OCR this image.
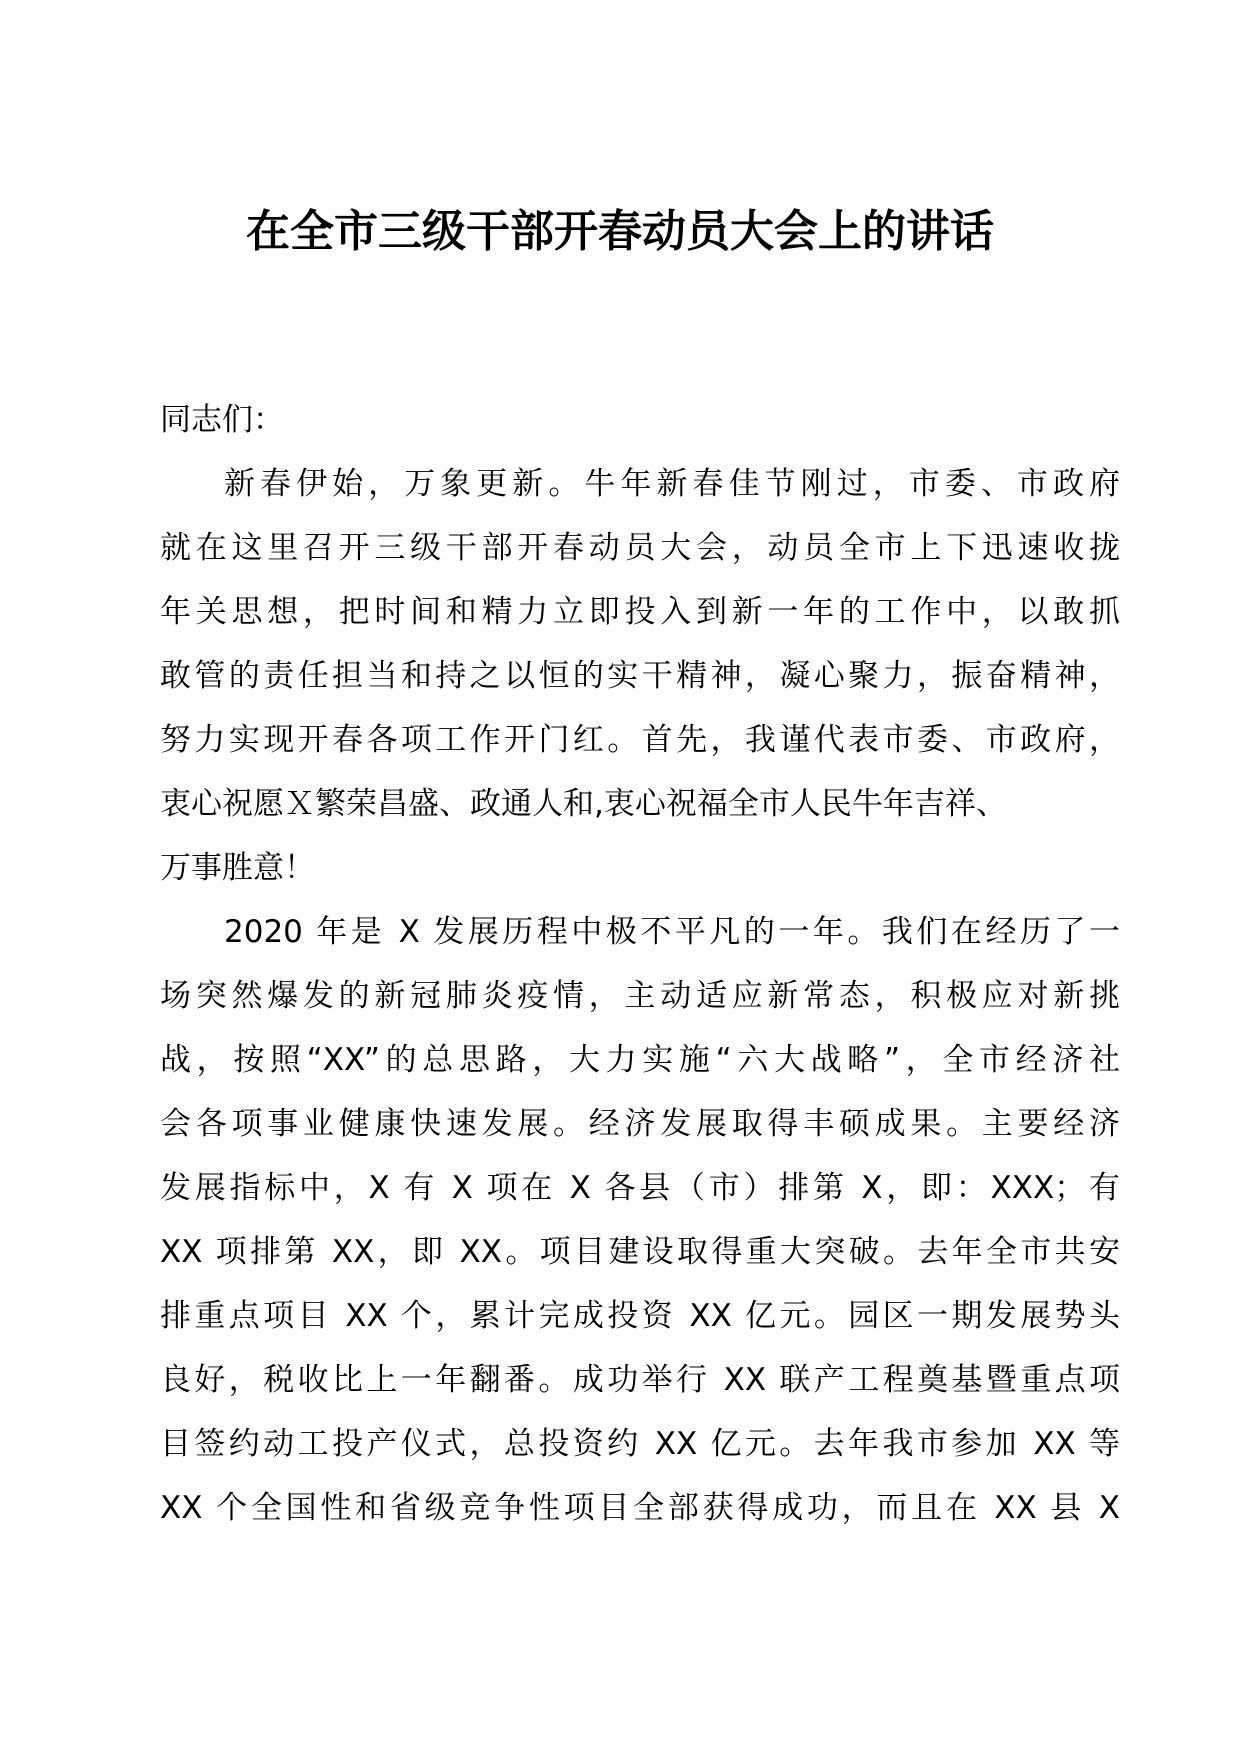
在全市三级干部开春动员大会上的讲话
同志们：
新春伊始，万象更新。牛年新春佳节刚过，市委、市政府
就在这里召开三级干部开春动员大会，动员全市上下迅速收拢
年关思想，把时间和精力立即投入到新一年的工作中，以敢抓
敢管的责任担当和持之以恒的实干精神，凝心聚力，振奋精神，
努力实现开春各项工作开门红。首先，我谨代表市委、市政府，
衷心祝愿Ｘ繁荣昌盛、政通人和,衷心祝福全市人民牛年吉祥、
万事胜意！
2020 年是 X 发展历程中极不平凡的一年。我们在经历了一
场突然爆发的新冠肺炎疫情，主动适应新常态，积极应对新挑
战，按照“XX”的总思路，大力实施“六大战略”，全市经济社
会各项事业健康快速发展。经济发展取得丰硕成果。主要经济
发展指标中，X 有 X 项在 X 各县（市）排第 X，即：XXX；有
XX 项排第 XX，即 XX。项目建设取得重大突破。去年全市共安
排重点项目 XX 个，累计完成投资 XX 亿元。园区一期发展势头
良好，税收比上一年翻番。成功举行 XX 联产工程奠基暨重点项
目签约动工投产仪式，总投资约 XX 亿元。去年我市参加 XX 等
XX 个全国性和省级竞争性项目全部获得成功，而且在 XX 县 X
